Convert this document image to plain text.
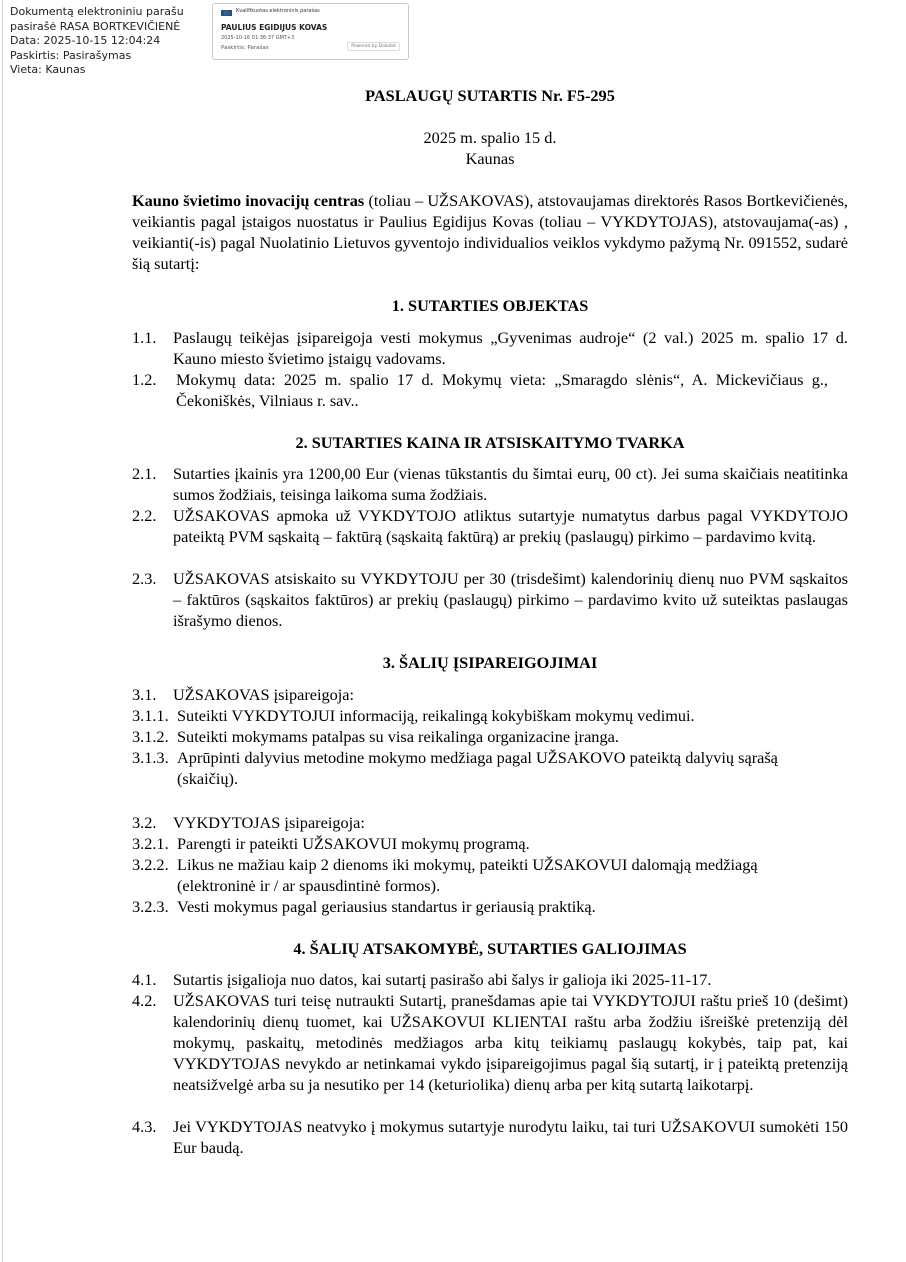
Dokumentą elektroniniu parašu
pasirašė RASA BORTKEVIČIENĖ
Data: 2025-10-15 12:04:24
Paskirtis: Pasirašymas
Vieta: Kaunas
Kvalifikuotas elektroninis parašas
PAULIUS EGIDIJUS KOVAS
2025-10-16 01:36:37 GMT+3
Paskirtis: Parašas	Powered by Dokobit
PASLAUGŲ SUTARTIS Nr. F5-295
2025 m. spalio 15 d.
Kaunas
Kauno švietimo inovacijų centras (toliau – UŽSAKOVAS), atstovaujamas direktorės Rasos Bortkevičienės, veikiantis pagal įstaigos nuostatus ir Paulius Egidijus Kovas (toliau – VYKDYTOJAS), atstovaujama(-as) , veikianti(-is) pagal Nuolatinio Lietuvos gyventojo individualios veiklos vykdymo pažymą Nr. 091552, sudarė šią sutartį:
1. SUTARTIES OBJEKTAS
1.1. Paslaugų teikėjas įsipareigoja vesti mokymus „Gyvenimas audroje“ (2 val.) 2025 m. spalio 17 d. Kauno miesto švietimo įstaigų vadovams.
1.2. Mokymų data: 2025 m. spalio 17 d. Mokymų vieta: „Smaragdo slėnis“, A. Mickevičiaus g., Čekoniškės, Vilniaus r. sav..
2. SUTARTIES KAINA IR ATSISKAITYMO TVARKA
2.1. Sutarties įkainis yra 1200,00 Eur (vienas tūkstantis du šimtai eurų, 00 ct). Jei suma skaičiais neatitinka sumos žodžiais, teisinga laikoma suma žodžiais.
2.2. UŽSAKOVAS apmoka už VYKDYTOJO atliktus sutartyje numatytus darbus pagal VYKDYTOJO pateiktą PVM sąskaitą – faktūrą (sąskaitą faktūrą) ar prekių (paslaugų) pirkimo – pardavimo kvitą.
2.3. UŽSAKOVAS atsiskaito su VYKDYTOJU per 30 (trisdešimt) kalendorinių dienų nuo PVM sąskaitos – faktūros (sąskaitos faktūros) ar prekių (paslaugų) pirkimo – pardavimo kvito už suteiktas paslaugas išrašymo dienos.
3. ŠALIŲ ĮSIPAREIGOJIMAI
3.1. UŽSAKOVAS įsipareigoja:
3.1.1. Suteikti VYKDYTOJUI informaciją, reikalingą kokybiškam mokymų vedimui.
3.1.2. Suteikti mokymams patalpas su visa reikalinga organizacine įranga.
3.1.3. Aprūpinti dalyvius metodine mokymo medžiaga pagal UŽSAKOVO pateiktą dalyvių sąrašą (skaičių).
3.2. VYKDYTOJAS įsipareigoja:
3.2.1. Parengti ir pateikti UŽSAKOVUI mokymų programą.
3.2.2. Likus ne mažiau kaip 2 dienoms iki mokymų, pateikti UŽSAKOVUI dalomąją medžiagą (elektroninė ir / ar spausdintinė formos).
3.2.3. Vesti mokymus pagal geriausius standartus ir geriausią praktiką.
4. ŠALIŲ ATSAKOMYBĖ, SUTARTIES GALIOJIMAS
4.1. Sutartis įsigalioja nuo datos, kai sutartį pasirašo abi šalys ir galioja iki 2025-11-17.
4.2. UŽSAKOVAS turi teisę nutraukti Sutartį, pranešdamas apie tai VYKDYTOJUI raštu prieš 10 (dešimt) kalendorinių dienų tuomet, kai UŽSAKOVUI KLIENTAI raštu arba žodžiu išreiškė pretenziją dėl mokymų, paskaitų, metodinės medžiagos arba kitų teikiamų paslaugų kokybės, taip pat, kai VYKDYTOJAS nevykdo ar netinkamai vykdo įsipareigojimus pagal šią sutartį, ir į pateiktą pretenziją neatsižvelgė arba su ja nesutiko per 14 (keturiolika) dienų arba per kitą sutartą laikotarpį.
4.3. Jei VYKDYTOJAS neatvyko į mokymus sutartyje nurodytu laiku, tai turi UŽSAKOVUI sumokėti 150 Eur baudą.
